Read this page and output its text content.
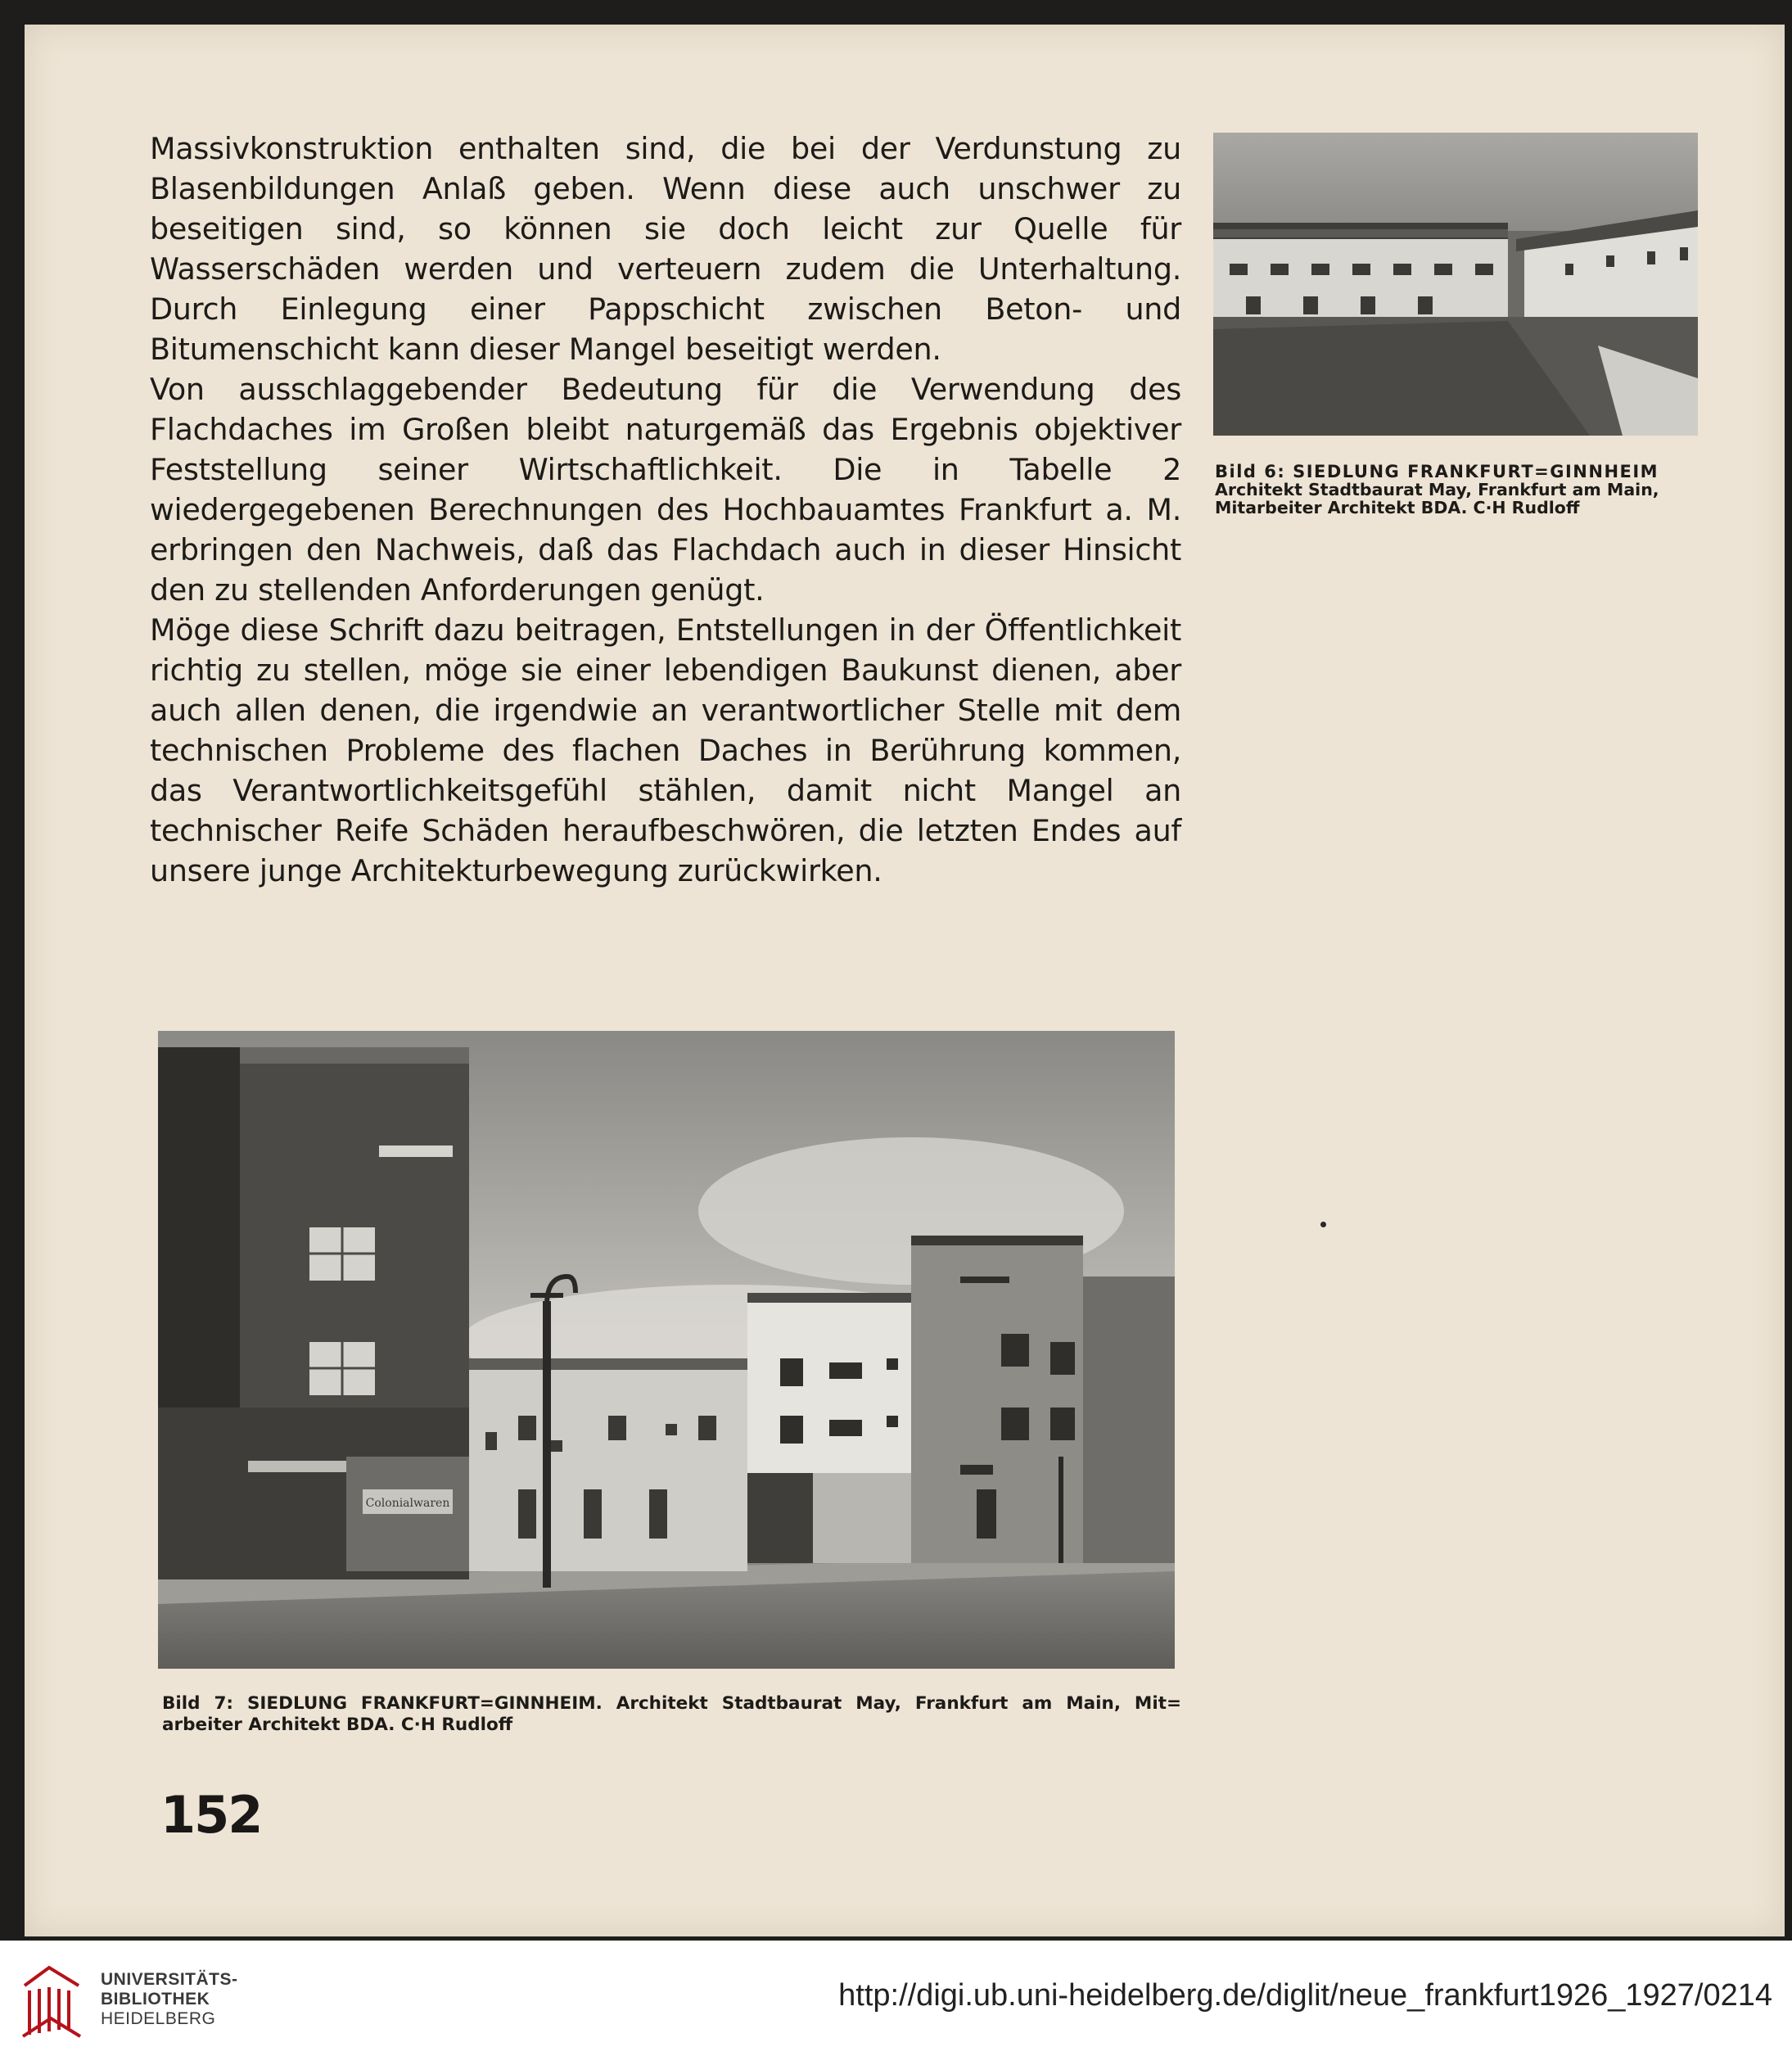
Massivkonstruktion enthalten sind, die bei der Verdunstung zu Blasenbildungen Anlaß geben. Wenn diese auch unschwer zu beseitigen sind, so können sie doch leicht zur Quelle für Wasserschäden werden und verteuern zudem die Unterhaltung. Durch Einlegung einer Pappschicht zwischen Beton- und Bitumenschicht kann dieser Mangel beseitigt werden.

Von ausschlaggebender Bedeutung für die Verwendung des Flachdaches im Großen bleibt naturgemäß das Ergebnis objektiver Feststellung seiner Wirtschaftlichkeit. Die in Tabelle 2 wiedergegebenen Berechnungen des Hochbauamtes Frankfurt a. M. erbringen den Nachweis, daß das Flachdach auch in dieser Hinsicht den zu stellenden Anforderungen genügt.

Möge diese Schrift dazu beitragen, Entstellungen in der Öffentlichkeit richtig zu stellen, möge sie einer lebendigen Baukunst dienen, aber auch allen denen, die irgendwie an verantwortlicher Stelle mit dem technischen Probleme des flachen Daches in Berührung kommen, das Verantwortlichkeitsgefühl stählen, damit nicht Mangel an technischer Reife Schäden heraufbeschwören, die letzten Endes auf unsere junge Architekturbewegung zurückwirken.

Bild 6: SIEDLUNG FRANKFURT=GINNHEIM
Architekt Stadtbaurat May, Frankfurt am Main,
Mitarbeiter Architekt BDA. C·H Rudloff
Colonialwaren
Bild 7: SIEDLUNG FRANKFURT=GINNHEIM. Architekt Stadtbaurat May, Frankfurt am Main, Mit= arbeiter Architekt BDA. C·H Rudloff
152
UNIVERSITÄTS-
BIBLIOTHEK
HEIDELBERG
http://digi.ub.uni-heidelberg.de/diglit/neue_frankfurt1926_1927/0214
